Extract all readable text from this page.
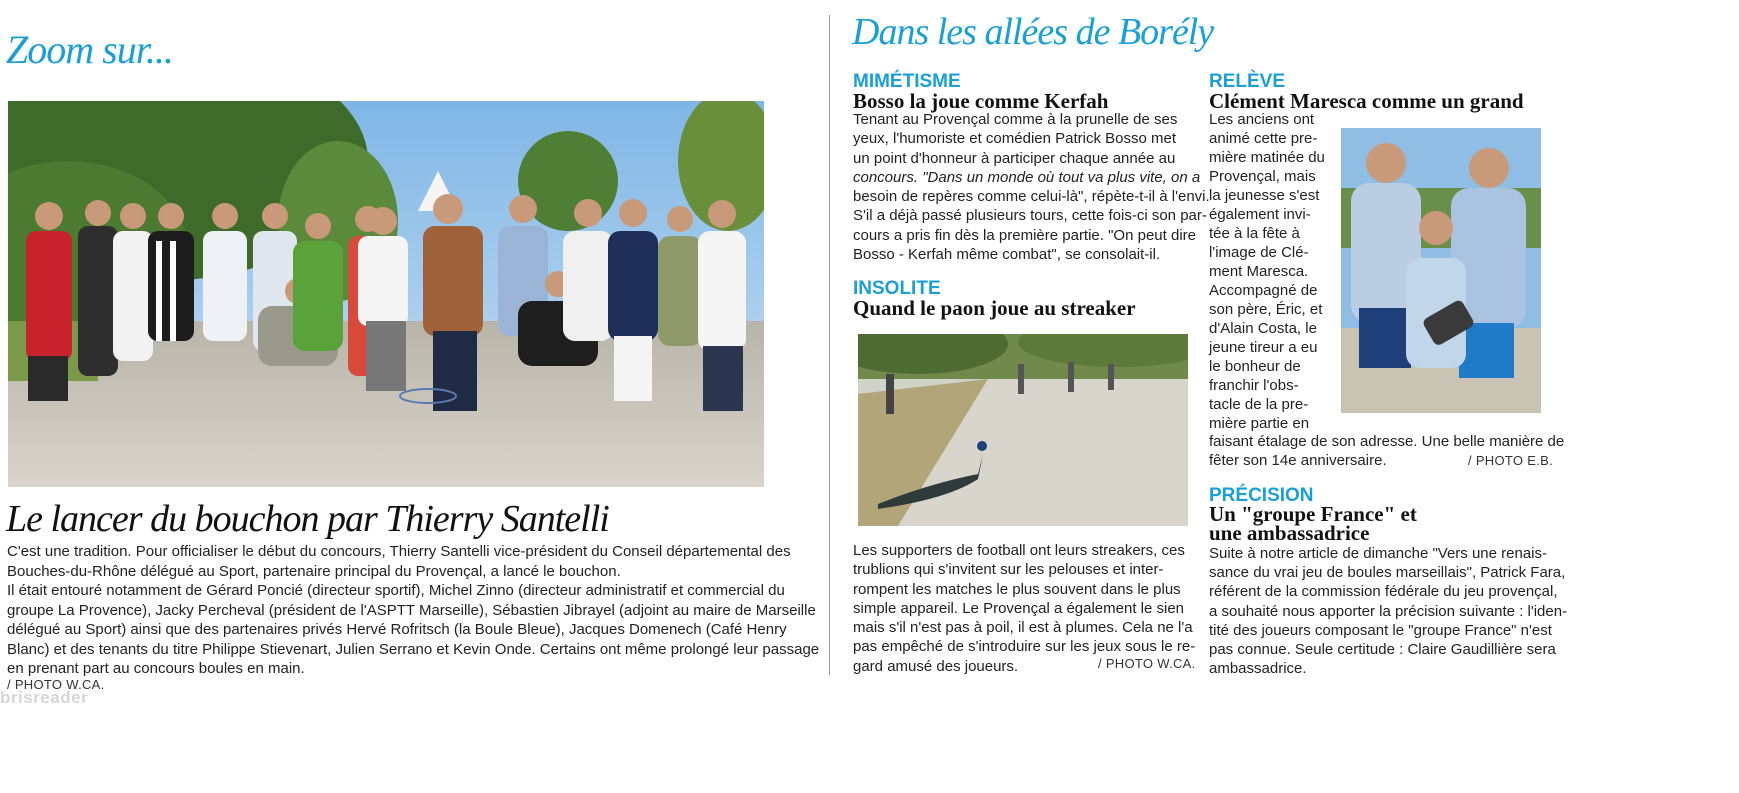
Zoom sur...
Le lancer du bouchon par Thierry Santelli
C'est une tradition. Pour officialiser le début du concours, Thierry Santelli vice-président du Conseil départemental des
Bouches-du-Rhône délégué au Sport, partenaire principal du Provençal, a lancé le bouchon.
Il était entouré notamment de Gérard Poncié (directeur sportif), Michel Zinno (directeur administratif et commercial du
groupe La Provence), Jacky Percheval (président de l'ASPTT Marseille), Sébastien Jibrayel (adjoint au maire de Marseille
délégué au Sport) ainsi que des partenaires privés Hervé Rofritsch (la Boule Bleue), Jacques Domenech (Café Henry
Blanc) et des tenants du titre Philippe Stievenart, Julien Serrano et Kevin Onde. Certains ont même prolongé leur passage
en prenant part au concours boules en main.
/ PHOTO W.CA.
brisreader
Dans les allées de Borély
MIMÉTISME
Bosso la joue comme Kerfah
Tenant au Provençal comme à la prunelle de ses
yeux, l'humoriste et comédien Patrick Bosso met
un point d'honneur à participer chaque année au
concours. "Dans un monde où tout va plus vite, on a
besoin de repères comme celui-là", répète-t-il à l'envi.
S'il a déjà passé plusieurs tours, cette fois-ci son par-
cours a pris fin dès la première partie. "On peut dire
Bosso - Kerfah même combat", se consolait-il.
INSOLITE
Quand le paon joue au streaker
Les supporters de football ont leurs streakers, ces
trublions qui s'invitent sur les pelouses et inter-
rompent les matches le plus souvent dans le plus
simple appareil. Le Provençal a également le sien
mais s'il n'est pas à poil, il est à plumes. Cela ne l'a
pas empêché de s'introduire sur les jeux sous le re-
gard amusé des joueurs.	/ PHOTO W.CA.
RELÈVE
Clément Maresca comme un grand
Les anciens ont
animé cette pre-
mière matinée du
Provençal, mais
la jeunesse s'est
également invi-
tée à la fête à
l'image de Clé-
ment Maresca.
Accompagné de
son père, Éric, et
d'Alain Costa, le
jeune tireur a eu
le bonheur de
franchir l'obs-
tacle de la pre-
mière partie en
faisant étalage de son adresse. Une belle manière de
fêter son 14e anniversaire.	/ PHOTO E.B.
PRÉCISION
Un "groupe France" et
une ambassadrice
Suite à notre article de dimanche "Vers une renais-
sance du vrai jeu de boules marseillais", Patrick Fara,
référent de la commission fédérale du jeu provençal,
a souhaité nous apporter la précision suivante : l'iden-
tité des joueurs composant le "groupe France" n'est
pas connue. Seule certitude : Claire Gaudillière sera
ambassadrice.
